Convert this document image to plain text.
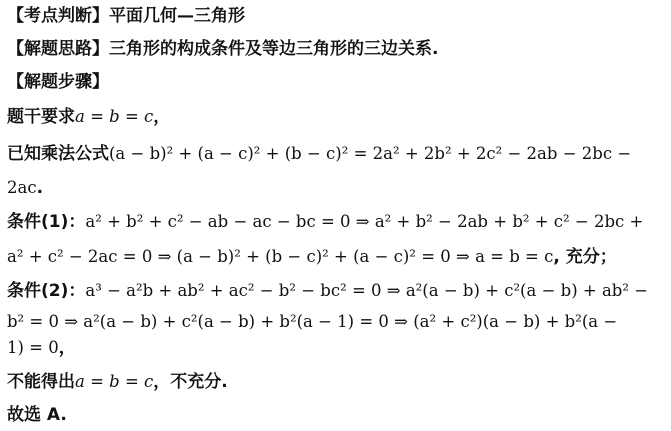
【考点判断】平面几何—三角形
【解题思路】三角形的构成条件及等边三角形的三边关系.
【解题步骤】
题干要求a = b = c，
已知乘法公式(a − b)² + (a − c)² + (b − c)² = 2a² + 2b² + 2c² − 2ab − 2bc −
2ac.
条件(1)：a² + b² + c² − ab − ac − bc = 0 ⇒ a² + b² − 2ab + b² + c² − 2bc +
a² + c² − 2ac = 0 ⇒ (a − b)² + (b − c)² + (a − c)² = 0 ⇒ a = b = c, 充分；
条件(2)：a³ − a²b + ab² + ac² − b² − bc² = 0 ⇒ a²(a − b) + c²(a − b) + ab² −
b² = 0 ⇒ a²(a − b) + c²(a − b) + b²(a − 1) = 0 ⇒ (a² + c²)(a − b) + b²(a −
1) = 0，
不能得出a = b = c，不充分.
故选 A.
